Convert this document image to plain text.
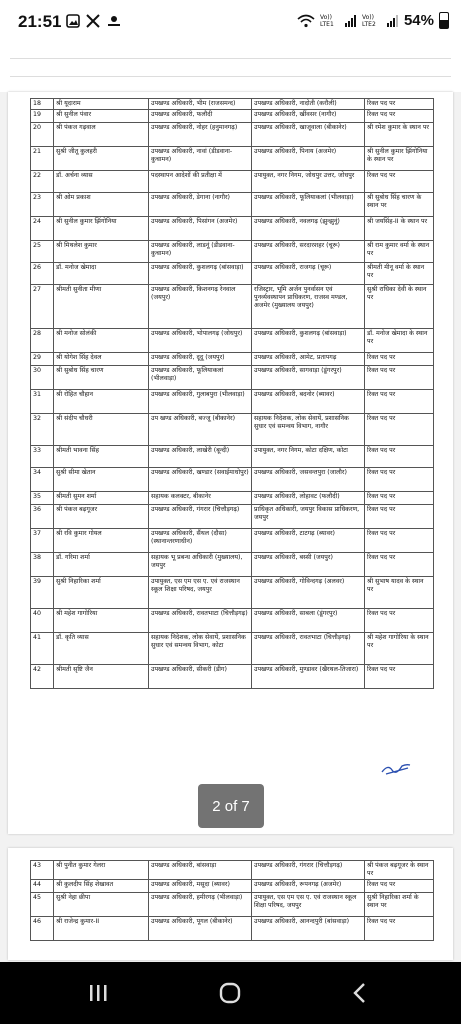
21:51	Vo)) LTE1
Vo)) LTE2	54%
18	श्री यूदाराम	उपखण्ड अधिकारी, भीम (राजसमन्द)	उपखण्ड अधिकारी, नादोती (करौली)	रिक्त पद पर
19	श्री सुनील पंवार	उपखण्ड अधिकारी, फलौदी	उपखण्ड अधिकारी, खींवसर (नागौर)	रिक्त पद पर
20	श्री पंकज गढ़वाल	उपखण्ड अधिकारी, नोहर (हनुमानगढ़)	उपखण्ड अधिकारी, खाजूवाला (बीकानेर)	श्री रमेश कुमार के स्थान पर
21	सुश्री जीतू कुलहरी	उपखण्ड अधिकारी, नावां (डीडवाना-कुचामन)	उपखण्ड अधिकारी, पिनाय (अजमेर)	श्री सुनील कुमार झिंगोनिया के स्थान पर
22	डॉ. अर्चना व्यास	पदस्थापन आदेशों की प्रतीक्षा में	उपायुक्त, नगर निगम, जोधपुर उत्तर, जोधपुर	रिक्त पद पर
23	श्री ओम प्रकाश	उपखण्ड अधिकारी, डेगाना (नागौर)	उपखण्ड अधिकारी, फूलियाकलां (भीलवाड़ा)	श्री सुबोध सिंह चारण के स्थान पर
24	श्री सुनील कुमार झिंगोनिया	उपखण्ड अधिकारी, पिसांगन (अजमेर)	उपखण्ड अधिकारी, नवलगढ़ (झुन्झुनूं)	श्री जयसिंह-II के स्थान पर
25	श्री मिथलेश कुमार	उपखण्ड अधिकारी, लाडनूं (डीडवाना-कुचामन)	उपखण्ड अधिकारी, सरदारशहर (चूरू)	श्री राम कुमार वर्मा के स्थान पर
26	डॉ. मनोज खेमादा	उपखण्ड अधिकारी, कुशलगढ़ (बांसवाड़ा)	उपखण्ड अधिकारी, राजगढ़ (चूरू)	श्रीमती मीनू वर्मा के स्थान पर
27	श्रीमती सुनीता मीणा	उपखण्ड अधिकारी, किशनगढ़ रेनवाल (जयपुर)	रजिस्ट्रार, भूमि अर्जन पुनर्वासन एवं पुनर्व्यवस्थापन प्राधिकरण, राजस्व मण्डल, अजमेर (मुख्यालय जयपुर)	सुश्री राधिका देवी के स्थान पर
28	श्री मनोज सोलंकी	उपखण्ड अधिकारी, भोपालगढ़ (जोधपुर)	उपखण्ड अधिकारी, कुशलगढ़ (बांसवाड़ा)	डॉ. मनोज खेमादा के स्थान पर
29	श्री योगेश सिंह देवल	उपखण्ड अधिकारी, दूदू (जयपुर)	उपखण्ड अधिकारी, आमेट, प्रतापगढ़	रिक्त पद पर
30	श्री सुबोध सिंह चारण	उपखण्ड अधिकारी, फूलियाकलां (भीलवाड़ा)	उपखण्ड अधिकारी, सागवाड़ा (डूंगरपुर)	रिक्त पद पर
31	श्री रोहित चौहान	उपखण्ड अधिकारी, गुलाबपुरा (भीलवाड़ा)	उपखण्ड अधिकारी, बदनोर (ब्यावर)	रिक्त पद पर
32	श्री संदीप चौधरी	उप खण्ड अधिकारी, बज्जू (बीकानेर)	सहायक निदेशक, लोक सेवायें, प्रशासनिक सुधार एवं समन्वय विभाग, नागौर	रिक्त पद पर
33	श्रीमती भावना सिंह	उपखण्ड अधिकारी, लाखेरी (बून्दी)	उपायुक्त, नगर निगम, कोटा दक्षिण, कोटा	रिक्त पद पर
34	सुश्री सीमा खेतान	उपखण्ड अधिकारी, खण्डार (सवाईमाधोपुर)	उपखण्ड अधिकारी, जसवन्तपुरा (जालौर)	रिक्त पद पर
35	श्रीमती सुमन शर्मा	सहायक कलक्टर, बीकानेर	उपखण्ड अधिकारी, लोहावट (फलौदी)	रिक्त पद पर
36	श्री पंकज बढ़गूजर	उपखण्ड अधिकारी, गंगरार (चित्तौड़गढ़)	प्राधिकृत अधिकारी, जयपुर विकास प्राधिकरण, जयपुर	रिक्त पद पर
37	श्री रवि कुमार गोयल	उपखण्ड अधिकारी, सैंथल (दौसा) (स्थानान्तरणाधीन)	उपखण्ड अधिकारी, टाटगढ़ (ब्यावर)	रिक्त पद पर
38	डॉ. गरिमा शर्मा	सहायक भू प्रबन्ध अधिकारी (मुख्यालय), जयपुर	उपखण्ड अधिकारी, बस्सी (जयपुर)	रिक्त पद पर
39	सुश्री निहारिका शर्मा	उपायुक्त, एस एम एस ए. एवं राजस्थान स्कूल शिक्षा परिषद, जयपुर	उपखण्ड अधिकारी, गोविन्दगढ़ (अलवर)	श्री सुभाष यादव के स्थान पर
40	श्री महेश गागोरिया	उपखण्ड अधिकारी, रावतभाटा (चित्तौड़गढ़)	उपखण्ड अधिकारी, साबला (डूंगरपुर)	रिक्त पद पर
41	डॉ. कृति व्यास	सहायक निदेशक, लोक सेवायें, प्रशासनिक सुधार एवं समन्वय विभाग, कोटा	उपखण्ड अधिकारी, रावतभाटा (चित्तौड़गढ़)	श्री महेश गागोरिया के स्थान पर
42	श्रीमती सृष्टि जैन	उपखण्ड अधिकारी, सीकरी (डीग)	उपखण्ड अधिकारी, मुण्डावर (खैरथल-तिजारा)	रिक्त पद पर
2 of 7
43	श्री पुनीत कुमार गेलरा	उपखण्ड अधिकारी, बांसवाड़ा	उपखण्ड अधिकारी, गंगरार (चित्तौड़गढ़)	श्री पंकज बढ़गूजर के स्थान पर
44	श्री कुलदीप सिंह शेखावत	उपखण्ड अधिकारी, मसूदा (ब्यावर)	उपखण्ड अधिकारी, रूपनगढ़ (अजमेर)	रिक्त पद पर
45	सुश्री नेहा छीपा	उपखण्ड अधिकारी, हमीरगढ़ (भीलवाड़ा)	उपायुक्त, एस एम एस ए. एवं राजस्थान स्कूल शिक्षा परिषद, जयपुर	सुश्री निहारिका शर्मा के स्थान पर
46	श्री राजेन्द्र कुमार-II	उपखण्ड अधिकारी, पूगल (बीकानेर)	उपखण्ड अधिकारी, आनन्दपुरी (बांसवाड़ा)	रिक्त पद पर
